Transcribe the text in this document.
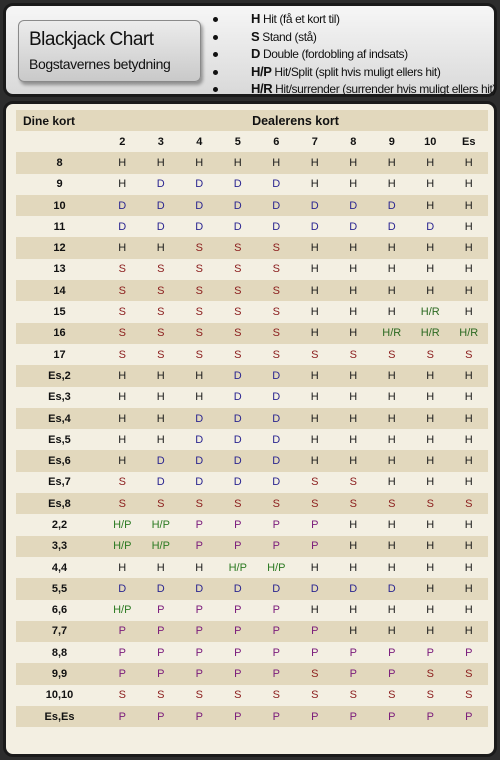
Blackjack Chart
Bogstavernes betydning
H Hit (få et kort til)
S Stand (stå)
D Double (fordobling af indsats)
H/P Hit/Split (split hvis muligt ellers hit)
H/R Hit/surrender (surrender hvis muligt ellers hit)
Dine kort	Dealerens kort									
	2	3	4	5	6	7	8	9	10	Es
8	H	H	H	H	H	H	H	H	H	H
9	H	D	D	D	D	H	H	H	H	H
10	D	D	D	D	D	D	D	D	H	H
11	D	D	D	D	D	D	D	D	D	H
12	H	H	S	S	S	H	H	H	H	H
13	S	S	S	S	S	H	H	H	H	H
14	S	S	S	S	S	H	H	H	H	H
15	S	S	S	S	S	H	H	H	H/R	H
16	S	S	S	S	S	H	H	H/R	H/R	H/R
17	S	S	S	S	S	S	S	S	S	S
Es,2	H	H	H	D	D	H	H	H	H	H
Es,3	H	H	H	D	D	H	H	H	H	H
Es,4	H	H	D	D	D	H	H	H	H	H
Es,5	H	H	D	D	D	H	H	H	H	H
Es,6	H	D	D	D	D	H	H	H	H	H
Es,7	S	D	D	D	D	S	S	H	H	H
Es,8	S	S	S	S	S	S	S	S	S	S
2,2	H/P	H/P	P	P	P	P	H	H	H	H
3,3	H/P	H/P	P	P	P	P	H	H	H	H
4,4	H	H	H	H/P	H/P	H	H	H	H	H
5,5	D	D	D	D	D	D	D	D	H	H
6,6	H/P	P	P	P	P	H	H	H	H	H
7,7	P	P	P	P	P	P	H	H	H	H
8,8	P	P	P	P	P	P	P	P	P	P
9,9	P	P	P	P	P	S	P	P	S	S
10,10	S	S	S	S	S	S	S	S	S	S
Es,Es	P	P	P	P	P	P	P	P	P	P
